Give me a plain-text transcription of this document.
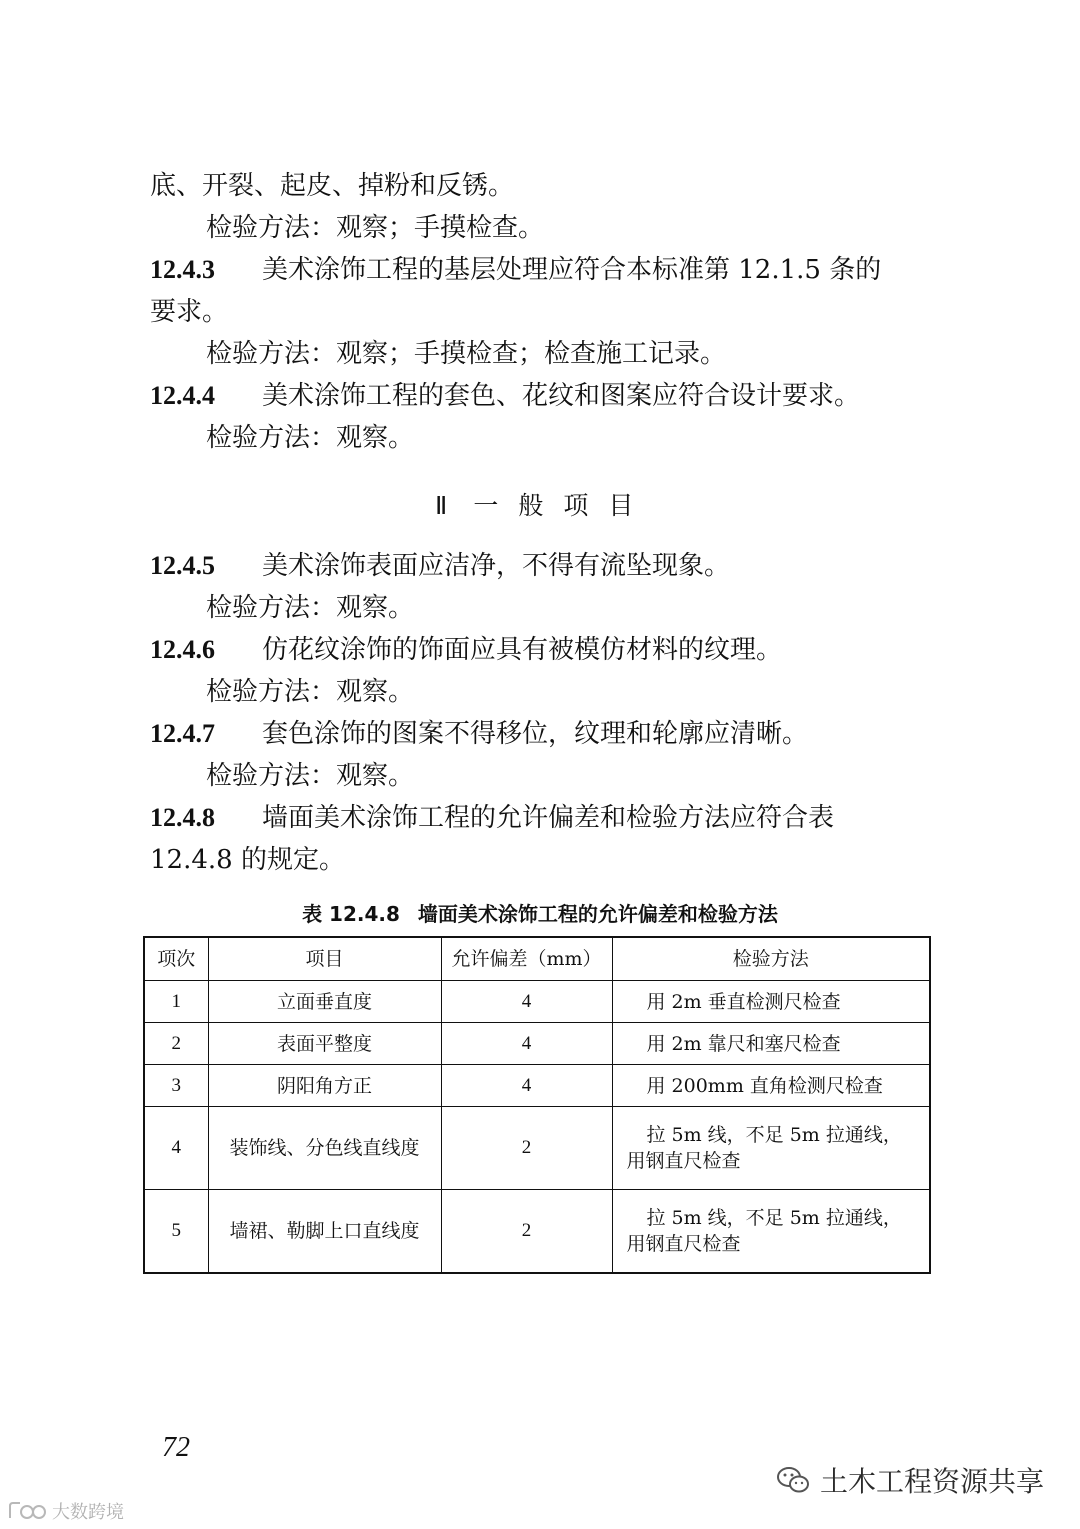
底、开裂、起皮、掉粉和反锈。
检验方法：观察；手摸检查。
12.4.3 美术涂饰工程的基层处理应符合本标准第 12.1.5 条的
要求。
检验方法：观察；手摸检查；检查施工记录。
12.4.4 美术涂饰工程的套色、花纹和图案应符合设计要求。
检验方法：观察。
Ⅱ一般项目
12.4.5 美术涂饰表面应洁净，不得有流坠现象。
检验方法：观察。
12.4.6 仿花纹涂饰的饰面应具有被模仿材料的纹理。
检验方法：观察。
12.4.7 套色涂饰的图案不得移位，纹理和轮廓应清晰。
检验方法：观察。
12.4.8 墙面美术涂饰工程的允许偏差和检验方法应符合表
12.4.8 的规定。
表 12.4.8 墙面美术涂饰工程的允许偏差和检验方法
项次	项目	允许偏差（mm）	检验方法
1	立面垂直度	4	用 2m 垂直检测尺检查
2	表面平整度	4	用 2m 靠尺和塞尺检查
3	阴阳角方正	4	用 200mm 直角检测尺检查
4	装饰线、分色线直线度	2	拉 5m 线，不足 5m 拉通线，
用钢直尺检查

5	墙裙、勒脚上口直线度	2	拉 5m 线，不足 5m 拉通线，
用钢直尺检查
72
土木工程资源共享
大数跨境
